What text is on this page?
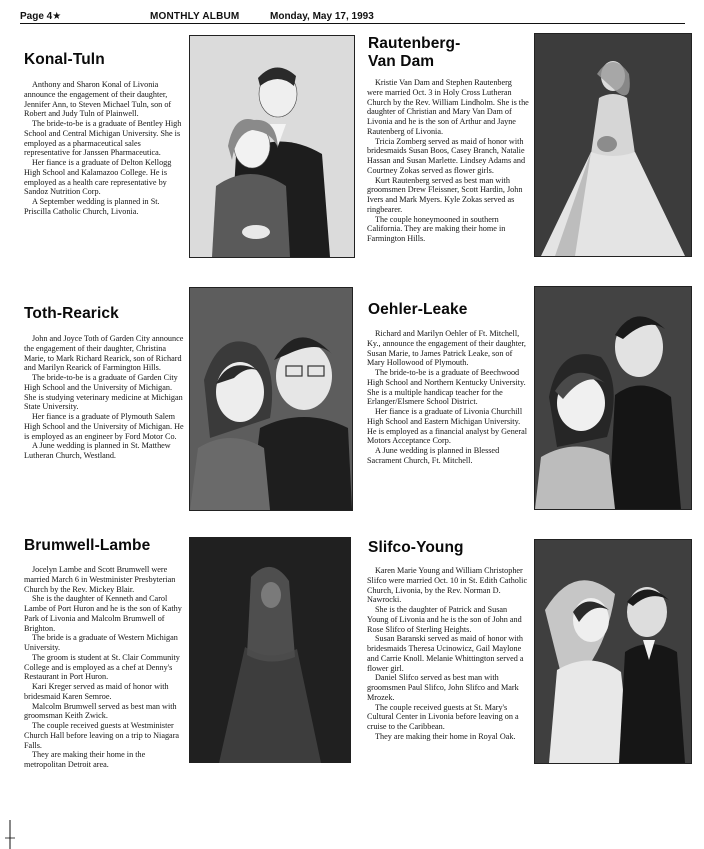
Page 4★	MONTHLY ALBUM	Monday, May 17, 1993
Konal-Tuln

Anthony and Sharon Konal of Livonia announce the engagement of their daughter, Jennifer Ann, to Steven Michael Tuln, son of Robert and Judy Tuln of Plainwell.

The bride-to-be is a graduate of Bentley High School and Central Michigan University. She is employed as a pharmaceutical sales representative for Janssen Pharmaceutica.

Her fiance is a graduate of Delton Kellogg High School and Kalamazoo College. He is employed as a health care representative by Sandoz Nutrition Corp.

A September wedding is planned in St. Priscilla Catholic Church, Livonia.

Rautenberg-Van Dam

Kristie Van Dam and Stephen Rautenberg were married Oct. 3 in Holy Cross Lutheran Church by the Rev. William Lindholm. She is the daughter of Christian and Mary Van Dam of Livonia and he is the son of Arthur and Jayne Rautenberg of Livonia.

Tricia Zomberg served as maid of honor with bridesmaids Susan Boos, Casey Branch, Natalie Hassan and Susan Marlette. Lindsey Adams and Courtney Zokas served as flower girls.

Kurt Rautenberg served as best man with groomsmen Drew Fleissner, Scott Hardin, John Ivers and Mark Myers. Kyle Zokas served as ringbearer.

The couple honeymooned in southern California. They are making their home in Farmington Hills.

Toth-Rearick

John and Joyce Toth of Garden City announce the engagement of their daughter, Christina Marie, to Mark Richard Rearick, son of Richard and Marilyn Rearick of Farmington Hills.

The bride-to-be is a graduate of Garden City High School and the University of Michigan. She is studying veterinary medicine at Michigan State University.

Her fiance is a graduate of Plymouth Salem High School and the University of Michigan. He is employed as an engineer by Ford Motor Co.

A June wedding is planned in St. Matthew Lutheran Church, Westland.

Oehler-Leake

Richard and Marilyn Oehler of Ft. Mitchell, Ky., announce the engagement of their daughter, Susan Marie, to James Patrick Leake, son of Mary Hollowood of Plymouth.

The bride-to-be is a graduate of Beechwood High School and Northern Kentucky University. She is a multiple handicap teacher for the Erlanger/Elsmere School District.

Her fiance is a graduate of Livonia Churchill High School and Eastern Michigan University. He is employed as a financial analyst by General Motors Acceptance Corp.

A June wedding is planned in Blessed Sacrament Church, Ft. Mitchell.

Brumwell-Lambe

Jocelyn Lambe and Scott Brumwell were married March 6 in Westminister Presbyterian Church by the Rev. Mickey Blair.

She is the daughter of Kenneth and Carol Lambe of Port Huron and he is the son of Kathy Park of Livonia and Malcolm Brumwell of Brighton.

The bride is a graduate of Western Michigan University.

The groom is student at St. Clair Community College and is employed as a chef at Denny's Restaurant in Port Huron.

Kari Kreger served as maid of honor with bridesmaid Karen Semroe.

Malcolm Brumwell served as best man with groomsman Keith Zwick.

The couple received guests at Westminister Church Hall before leaving on a trip to Niagara Falls.

They are making their home in the metropolitan Detroit area.

Slifco-Young

Karen Marie Young and William Christopher Slifco were married Oct. 10 in St. Edith Catholic Church, Livonia, by the Rev. Norman D. Nawrocki.

She is the daughter of Patrick and Susan Young of Livonia and he is the son of John and Rose Slifco of Sterling Heights.

Susan Baranski served as maid of honor with bridesmaids Theresa Ucinowicz, Gail Maylone and Carrie Knoll. Melanie Whittington served a flower girl.

Daniel Slifco served as best man with groomsmen Paul Slifco, John Slifco and Mark Mrozek.

The couple received guests at St. Mary's Cultural Center in Livonia before leaving on a cruise to the Caribbean.

They are making their home in Royal Oak.
